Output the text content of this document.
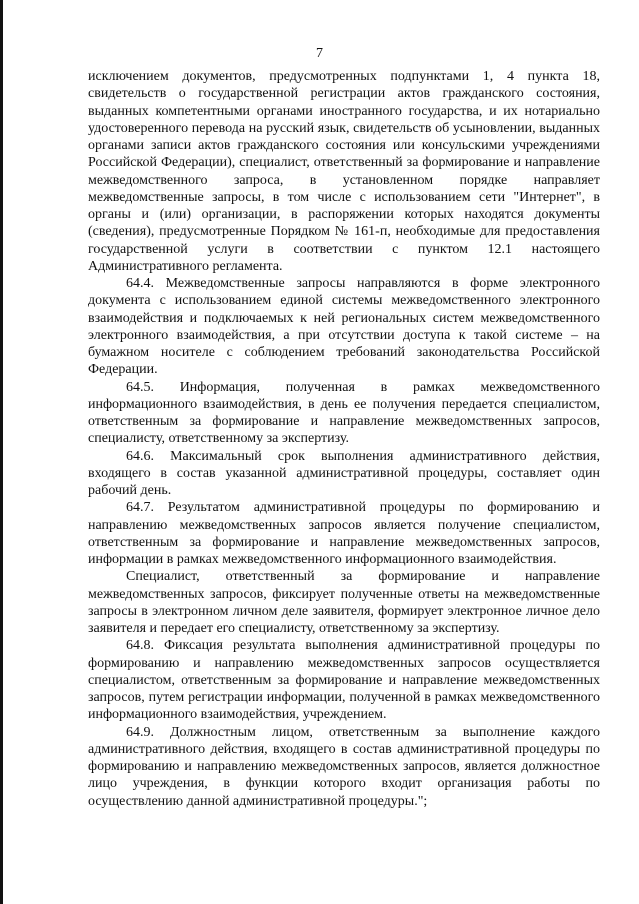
7

исключением документов, предусмотренных подпунктами 1, 4 пункта 18, свидетельств о государственной регистрации актов гражданского состояния, выданных компетентными органами иностранного государства, и их нотариально удостоверенного перевода на русский язык, свидетельств об усыновлении, выданных органами записи актов гражданского состояния или консульскими учреждениями Российской Федерации), специалист, ответственный за формирование и направление межведомственного запроса, в установленном порядке направляет межведомственные запросы, в том числе с использованием сети "Интернет", в органы и (или) организации, в распоряжении которых находятся документы (сведения), предусмотренные Порядком № 161-п, необходимые для предоставления государственной услуги в соответствии с пунктом 12.1 настоящего Административного регламента.

64.4. Межведомственные запросы направляются в форме электронного документа с использованием единой системы межведомственного электронного взаимодействия и подключаемых к ней региональных систем межведомственного электронного взаимодействия, а при отсутствии доступа к такой системе – на бумажном носителе с соблюдением требований законодательства Российской Федерации.

64.5. Информация, полученная в рамках межведомственного информационного взаимодействия, в день ее получения передается специалистом, ответственным за формирование и направление межведомственных запросов, специалисту, ответственному за экспертизу.

64.6. Максимальный срок выполнения административного действия, входящего в состав указанной административной процедуры, составляет один рабочий день.

64.7. Результатом административной процедуры по формированию и направлению межведомственных запросов является получение специалистом, ответственным за формирование и направление межведомственных запросов, информации в рамках межведомственного информационного взаимодействия.

Специалист, ответственный за формирование и направление межведомственных запросов, фиксирует полученные ответы на межведомственные запросы в электронном личном деле заявителя, формирует электронное личное дело заявителя и передает его специалисту, ответственному за экспертизу.

64.8. Фиксация результата выполнения административной процедуры по формированию и направлению межведомственных запросов осуществляется специалистом, ответственным за формирование и направление межведомственных запросов, путем регистрации информации, полученной в рамках межведомственного информационного взаимодействия, учреждением.

64.9. Должностным лицом, ответственным за выполнение каждого административного действия, входящего в состав административной процедуры по формированию и направлению межведомственных запросов, является должностное лицо учреждения, в функции которого входит организация работы по осуществлению данной административной процедуры.";
